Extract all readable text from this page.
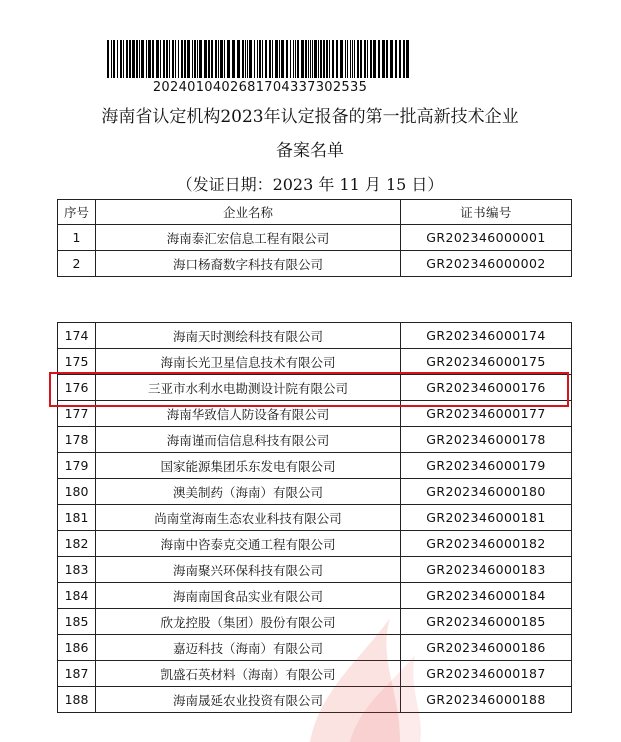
20240104026817043373025​35
海南省认定机构2023年认定报备的第一批高新技术企业
备案名单
（发证日期：2023 年 11 月 15 日）
序号	企业名称	证书编号
1	海南泰汇宏信息工程有限公司	GR202346000001
2	海口杨裔数字科技有限公司	GR202346000002
174	海南天时测绘科技有限公司	GR202346000174
175	海南长光卫星信息技术有限公司	GR202346000175
176	三亚市水利水电勘测设计院有限公司	GR202346000176
177	海南华致信人防设备有限公司	GR202346000177
178	海南谨而信信息科技有限公司	GR202346000178
179	国家能源集团乐东发电有限公司	GR202346000179
180	澳美制药（海南）有限公司	GR202346000180
181	尚南堂海南生态农业科技有限公司	GR202346000181
182	海南中咨泰克交通工程有限公司	GR202346000182
183	海南聚兴环保科技有限公司	GR202346000183
184	海南南国食品实业有限公司	GR202346000184
185	欣龙控股（集团）股份有限公司	GR202346000185
186	嘉迈科技（海南）有限公司	GR202346000186
187	凯盛石英材料（海南）有限公司	GR202346000187
188	海南晟延农业投资有限公司	GR202346000188
